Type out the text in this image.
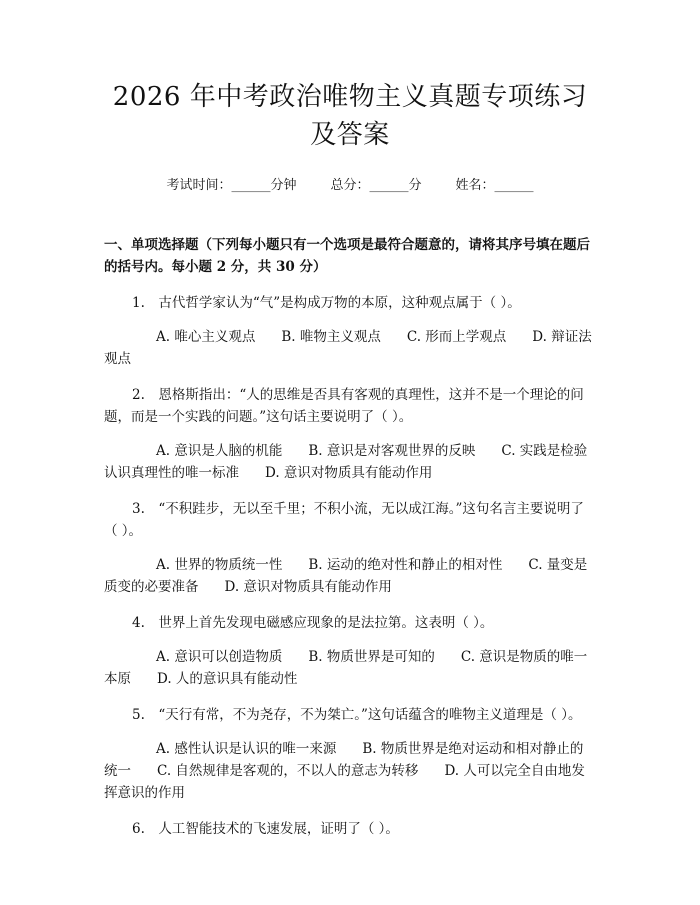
2026 年中考政治唯物主义真题专项练习及答案
考试时间：______分钟	总分：______分	姓名：______
一、单项选择题（下列每小题只有一个选项是最符合题意的，请将其序号填在题后的括号内。每小题 2 分，共 30 分）
1.　古代哲学家认为“气”是构成万物的本原，这种观点属于（ ）。
A. 唯心主义观点 B. 唯物主义观点 C. 形而上学观点 D. 辩证法观点
2.　恩格斯指出：“人的思维是否具有客观的真理性，这并不是一个理论的问题，而是一个实践的问题。”这句话主要说明了（ ）。
A. 意识是人脑的机能 B. 意识是对客观世界的反映 C. 实践是检验认识真理性的唯一标准 D. 意识对物质具有能动作用
3.　“不积跬步，无以至千里；不积小流，无以成江海。”这句名言主要说明了（ ）。
A. 世界的物质统一性 B. 运动的绝对性和静止的相对性 C. 量变是质变的必要准备 D. 意识对物质具有能动作用
4.　世界上首先发现电磁感应现象的是法拉第。这表明（ ）。
A. 意识可以创造物质 B. 物质世界是可知的 C. 意识是物质的唯一本原 D. 人的意识具有能动性
5.　“天行有常，不为尧存，不为桀亡。”这句话蕴含的唯物主义道理是（ ）。
A. 感性认识是认识的唯一来源 B. 物质世界是绝对运动和相对静止的统一 C. 自然规律是客观的，不以人的意志为转移 D. 人可以完全自由地发挥意识的作用
6.　人工智能技术的飞速发展，证明了（ ）。
